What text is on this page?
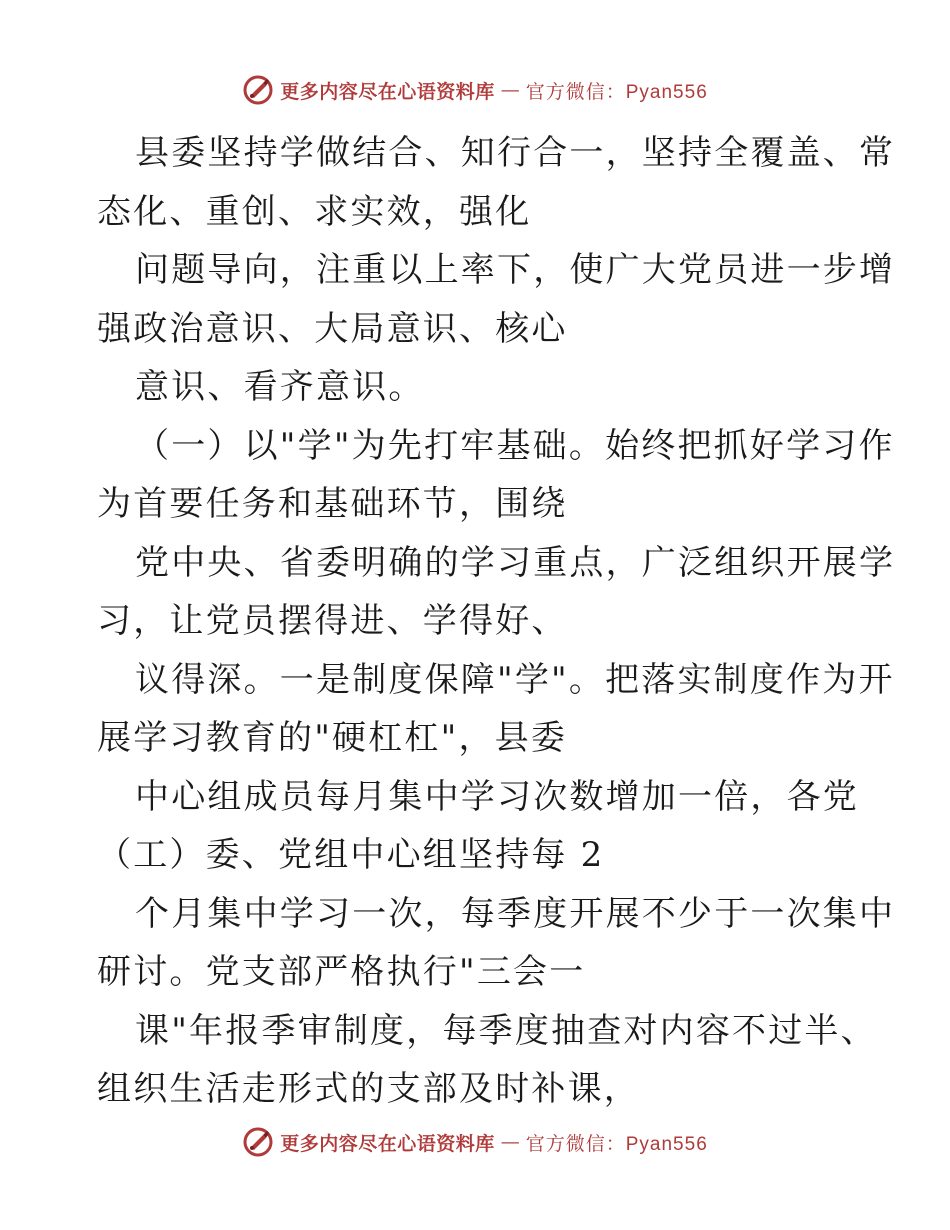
更多内容尽在心语资料库 — 官方微信：Pyan556
县委坚持学做结合、知行合一，坚持全覆盖、常
态化、重创、求实效，强化
问题导向，注重以上率下，使广大党员进一步增
强政治意识、大局意识、核心
意识、看齐意识。
（一）以"学"为先打牢基础。始终把抓好学习作
为首要任务和基础环节，围绕
党中央、省委明确的学习重点，广泛组织开展学
习，让党员摆得进、学得好、
议得深。一是制度保障"学"。把落实制度作为开
展学习教育的"硬杠杠"，县委
中心组成员每月集中学习次数增加一倍，各党
（工）委、党组中心组坚持每 2
个月集中学习一次，每季度开展不少于一次集中
研讨。党支部严格执行"三会一
课"年报季审制度，每季度抽查对内容不过半、
组织生活走形式的支部及时补课，
更多内容尽在心语资料库 — 官方微信：Pyan556
